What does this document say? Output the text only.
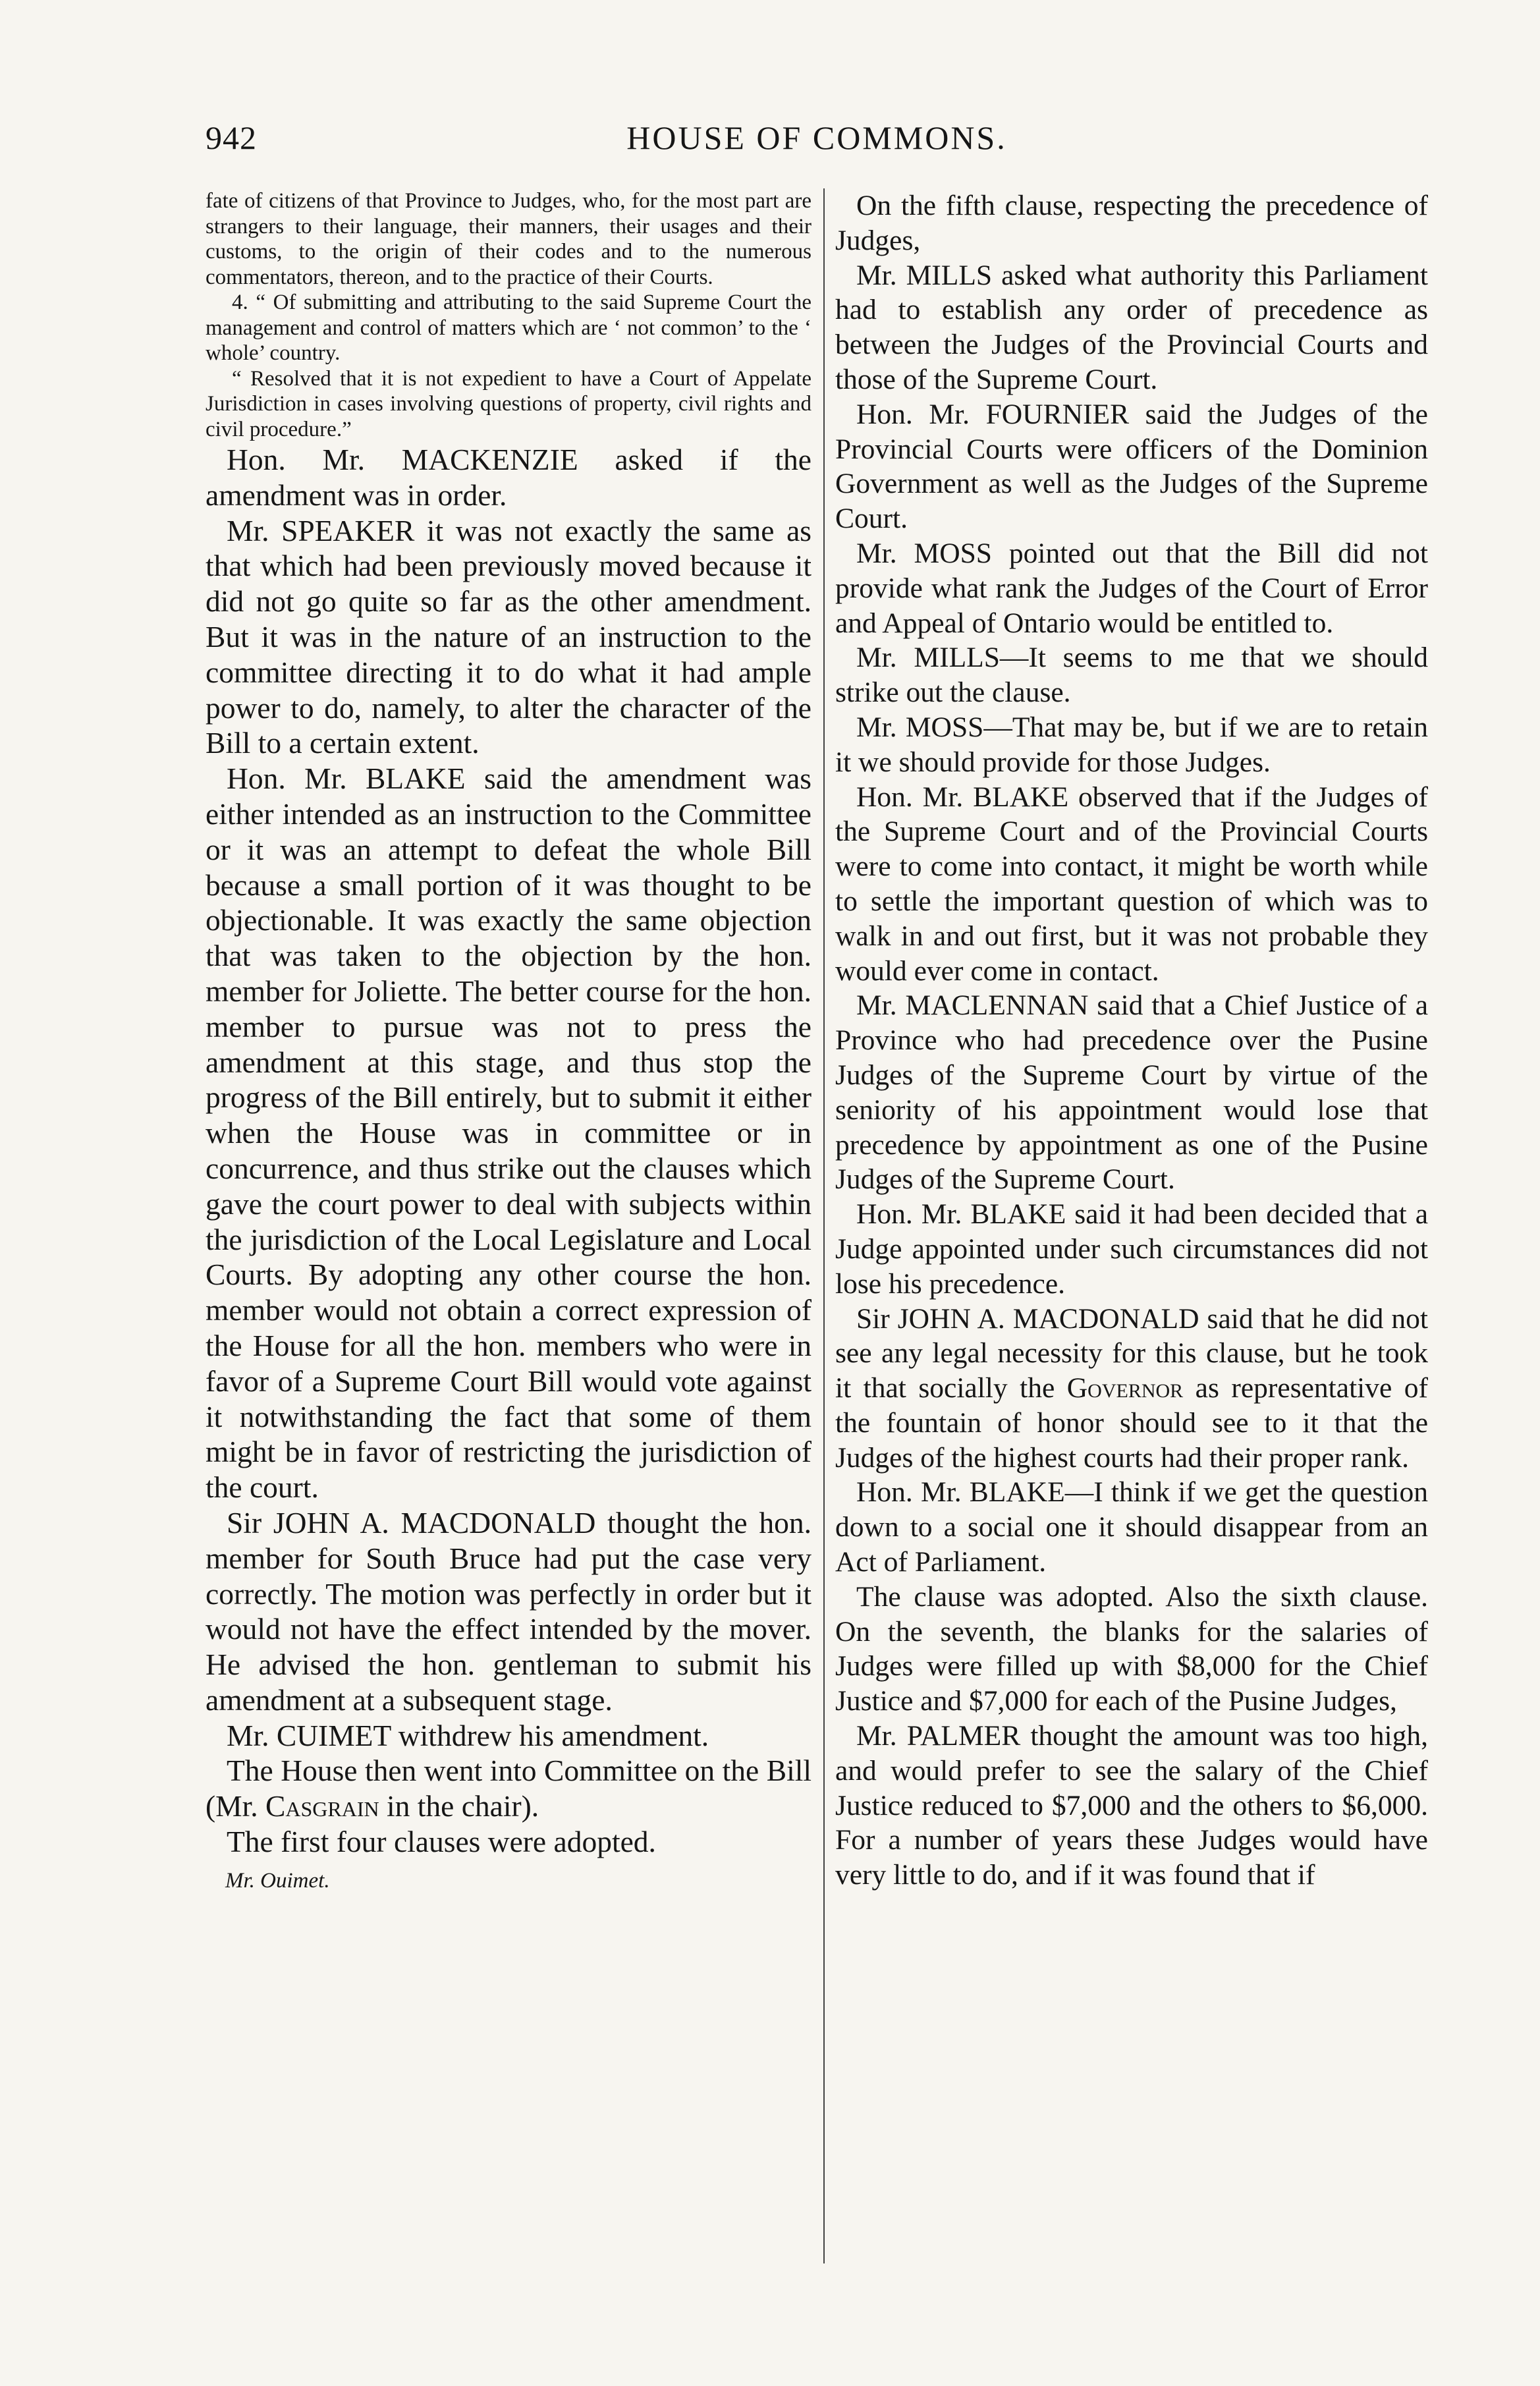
942	HOUSE OF COMMONS.

fate of citizens of that Province to Judges, who, for the most part are strangers to their language, their manners, their usages and their customs, to the origin of their codes and to the numerous commentators, thereon, and to the practice of their Courts.

4. “ Of submitting and attributing to the said Supreme Court the management and control of matters which are ‘ not common’ to the ‘ whole’ country.

“ Resolved that it is not expedient to have a Court of Appelate Jurisdiction in cases involving questions of property, civil rights and civil procedure.”

Hon. Mr. MACKENZIE asked if the amendment was in order.

Mr. SPEAKER it was not exactly the same as that which had been previously moved because it did not go quite so far as the other amendment. But it was in the nature of an instruction to the committee directing it to do what it had ample power to do, namely, to alter the character of the Bill to a certain extent.

Hon. Mr. BLAKE said the amendment was either intended as an instruction to the Committee or it was an attempt to defeat the whole Bill because a small portion of it was thought to be objectionable. It was exactly the same objection that was taken to the objection by the hon. member for Joliette. The better course for the hon. member to pursue was not to press the amendment at this stage, and thus stop the progress of the Bill entirely, but to submit it either when the House was in committee or in concurrence, and thus strike out the clauses which gave the court power to deal with subjects within the jurisdiction of the Local Legislature and Local Courts. By adopting any other course the hon. member would not obtain a correct expression of the House for all the hon. members who were in favor of a Supreme Court Bill would vote against it notwithstanding the fact that some of them might be in favor of restricting the jurisdiction of the court.

Sir JOHN A. MACDONALD thought the hon. member for South Bruce had put the case very correctly. The motion was perfectly in order but it would not have the effect intended by the mover. He advised the hon. gentleman to submit his amendment at a subsequent stage.

Mr. CUIMET withdrew his amendment.

The House then went into Committee on the Bill (Mr. Casgrain in the chair).

The first four clauses were adopted.

Mr. Ouimet.

On the fifth clause, respecting the precedence of Judges,

Mr. MILLS asked what authority this Parliament had to establish any order of precedence as between the Judges of the Provincial Courts and those of the Supreme Court.

Hon. Mr. FOURNIER said the Judges of the Provincial Courts were officers of the Dominion Government as well as the Judges of the Supreme Court.

Mr. MOSS pointed out that the Bill did not provide what rank the Judges of the Court of Error and Appeal of Ontario would be entitled to.

Mr. MILLS—It seems to me that we should strike out the clause.

Mr. MOSS—That may be, but if we are to retain it we should provide for those Judges.

Hon. Mr. BLAKE observed that if the Judges of the Supreme Court and of the Provincial Courts were to come into contact, it might be worth while to settle the important question of which was to walk in and out first, but it was not probable they would ever come in contact.

Mr. MACLENNAN said that a Chief Justice of a Province who had precedence over the Pusine Judges of the Supreme Court by virtue of the seniority of his appointment would lose that precedence by appointment as one of the Pusine Judges of the Supreme Court.

Hon. Mr. BLAKE said it had been decided that a Judge appointed under such circumstances did not lose his precedence.

Sir JOHN A. MACDONALD said that he did not see any legal necessity for this clause, but he took it that socially the Governor as representative of the fountain of honor should see to it that the Judges of the highest courts had their proper rank.

Hon. Mr. BLAKE—I think if we get the question down to a social one it should disappear from an Act of Parliament.

The clause was adopted. Also the sixth clause. On the seventh, the blanks for the salaries of Judges were filled up with $8,000 for the Chief Justice and $7,000 for each of the Pusine Judges,

Mr. PALMER thought the amount was too high, and would prefer to see the salary of the Chief Justice reduced to $7,000 and the others to $6,000. For a number of years these Judges would have very little to do, and if it was found that if
